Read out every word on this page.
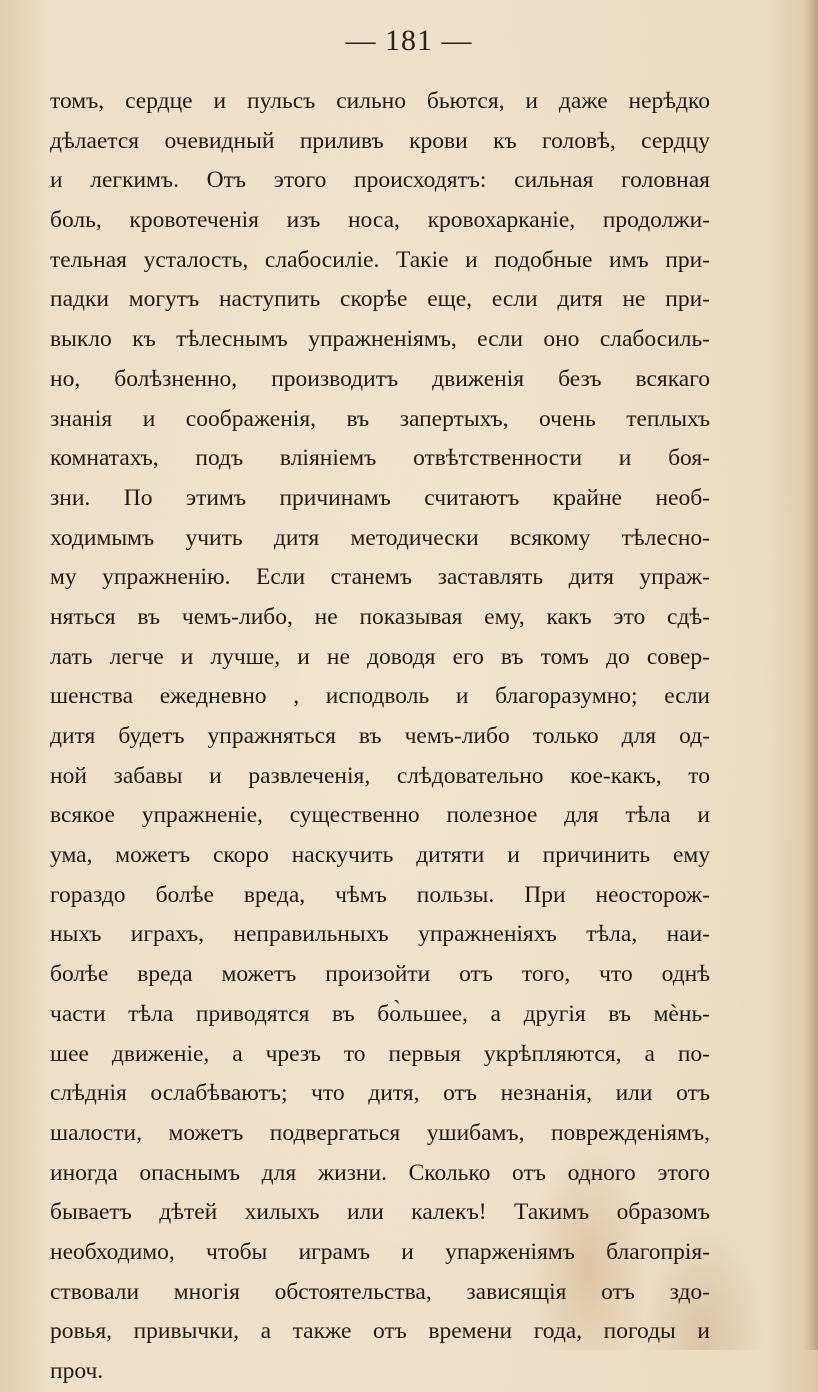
— 181 —
томъ, сердце и пульсъ сильно бьются, и даже нерѣдко
дѣлается очевидный приливъ крови къ головѣ, сердцу
и легкимъ. Отъ этого происходятъ: сильная головная
боль, кровотеченія изъ носа, кровохарканіе, продолжи-
тельная усталость, слабосиліе. Такіе и подобные имъ при-
падки могутъ наступить скорѣе еще, если дитя не при-
выкло къ тѣлеснымъ упражненіямъ, если оно слабосиль-
но, болѣзненно, производитъ движенія безъ всякаго
знанія и соображенія, въ запертыхъ, очень теплыхъ
комнатахъ, подъ вліяніемъ отвѣтственности и боя-
зни. По этимъ причинамъ считаютъ крайне необ-
ходимымъ учить дитя методически всякому тѣлесно-
му упражненію. Если станемъ заставлять дитя упраж-
няться въ чемъ-либо, не показывая ему, какъ это сдѣ-
лать легче и лучше, и не доводя его въ томъ до совер-
шенства ежедневно , исподволь и благоразумно; если
дитя будетъ упражняться въ чемъ-либо только для од-
ной забавы и развлеченія, слѣдовательно кое-какъ, то
всякое упражненіе, существенно полезное для тѣла и
ума, можетъ скоро наскучить дитяти и причинить ему
гораздо болѣе вреда, чѣмъ пользы. При неосторож-
ныхъ играхъ, неправильныхъ упражненіяхъ тѣла, наи-
болѣе вреда можетъ произойти отъ того, что однѣ
части тѣла приводятся въ бо̀льшее, а другія въ мѐнь-
шее движеніе, а чрезъ то первыя укрѣпляются, а по-
слѣднія ослабѣваютъ; что дитя, отъ незнанія, или отъ
шалости, можетъ подвергаться ушибамъ, поврежденіямъ,
иногда опаснымъ для жизни. Сколько отъ одного этого
бываетъ дѣтей хилыхъ или калекъ! Такимъ образомъ
необходимо, чтобы играмъ и упарженіямъ благопрія-
ствовали многія обстоятельства, зависящія отъ здо-
ровья, привычки, а также отъ времени года, погоды и
проч.
